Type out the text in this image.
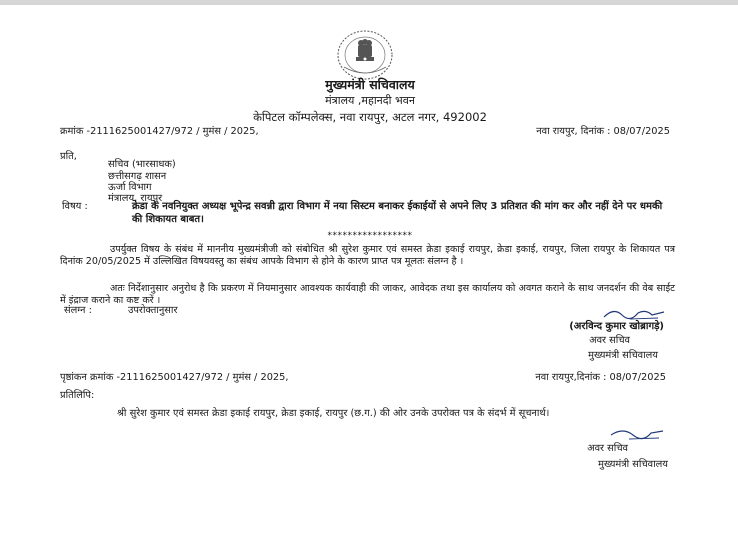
मुख्यमंत्री सचिवालय
मंत्रालय ,महानदी भवन
केपिटल कॉम्पलेक्स, नवा रायपुर, अटल नगर, 492002
क्रमांक -2111625001427/972 / मुमंस / 2025,	नवा रायपुर, दिनांक : 08/07/2025
प्रति,
सचिव (भारसाधक)
छत्तीसगढ़ शासन
ऊर्जा विभाग
मंत्रालय, रायपुर
विषय :	क्रेडा के नवनियुक्त अध्यक्ष भूपेन्द्र सवन्नी द्वारा विभाग में नया सिस्टम बनाकर ईकाईयों से अपने लिए 3 प्रतिशत की मांग कर और नहीं देने पर धमकी की शिकायत बाबत।
*****************
उपर्युक्त विषय के संबंध में माननीय मुख्यमंत्रीजी को संबोधित श्री सुरेश कुमार एवं समस्त क्रेडा इकाई रायपुर, क्रेडा इकाई, रायपुर, जिला रायपुर के शिकायत पत्र दिनांक 20/05/2025 में उल्लिखित विषयवस्तु का संबंध आपके विभाग से होने के कारण प्राप्त पत्र मूलतः संलग्न है ।
अतः निर्देशानुसार अनुरोध है कि प्रकरण में नियमानुसार आवश्यक कार्यवाही की जाकर, आवेदक तथा इस कार्यालय को अवगत कराने के साथ जनदर्शन की वेब साईट में इंद्राज कराने का कष्ट करें ।
संलग्न :	उपरोक्तानुसार
(अरविन्द कुमार खोब्रागड़े)
अवर सचिव
मुख्यमंत्री सचिवालय
पृष्ठांकन क्रमांक -2111625001427/972 / मुमंस / 2025,	नवा रायपुर,दिनांक : 08/07/2025
प्रतिलिपि:
श्री सुरेश कुमार एवं समस्त क्रेडा इकाई रायपुर, क्रेडा इकाई, रायपुर (छ.ग.) की ओर उनके उपरोक्त पत्र के संदर्भ में सूचनार्थ।
अवर सचिव
मुख्यमंत्री सचिवालय
